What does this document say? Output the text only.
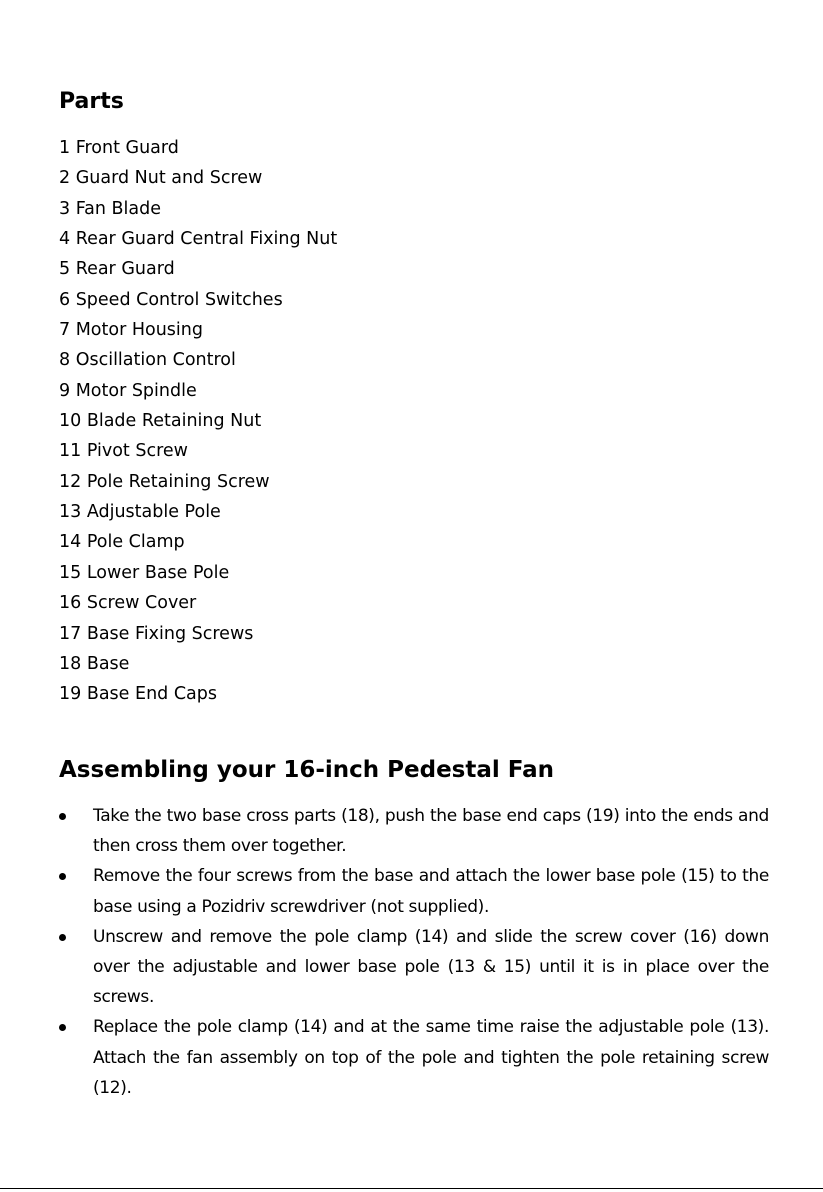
Parts
1 Front Guard
2 Guard Nut and Screw
3 Fan Blade
4 Rear Guard Central Fixing Nut
5 Rear Guard
6 Speed Control Switches
7 Motor Housing
8 Oscillation Control
9 Motor Spindle
10 Blade Retaining Nut
11 Pivot Screw
12 Pole Retaining Screw
13 Adjustable Pole
14 Pole Clamp
15 Lower Base Pole
16 Screw Cover
17 Base Fixing Screws
18 Base
19 Base End Caps
Assembling your 16-inch Pedestal Fan
Take the two base cross parts (18), push the base end caps (19) into the ends and then cross them over together.
Remove the four screws from the base and attach the lower base pole (15) to the base using a Pozidriv screwdriver (not supplied).
Unscrew and remove the pole clamp (14) and slide the screw cover (16) down over the adjustable and lower base pole (13 & 15) until it is in place over the screws.
Replace the pole clamp (14) and at the same time raise the adjustable pole (13). Attach the fan assembly on top of the pole and tighten the pole retaining screw (12).
